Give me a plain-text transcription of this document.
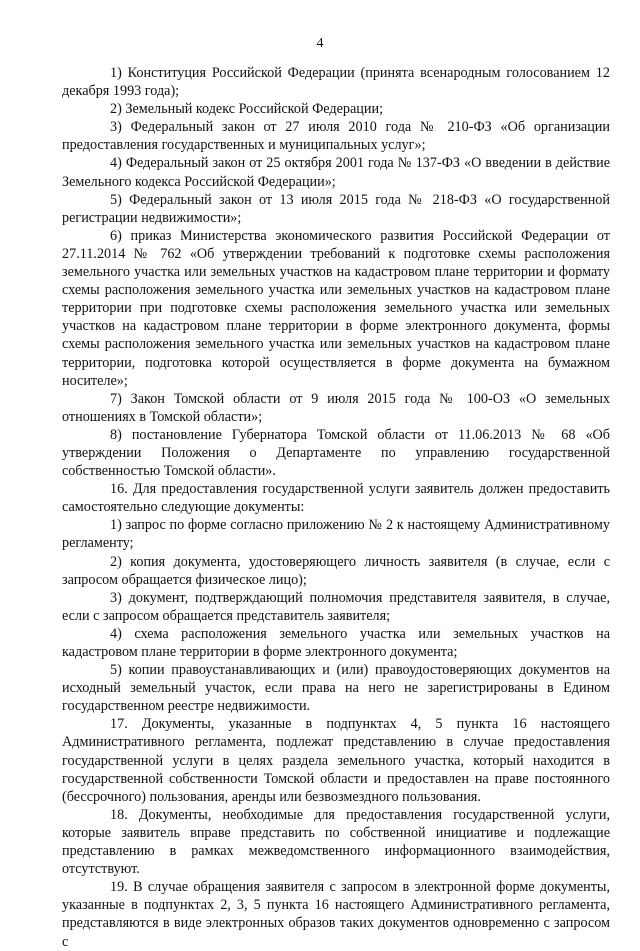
4

1) Конституция Российской Федерации (принята всенародным голосованием 12 декабря 1993 года);

2) Земельный кодекс Российской Федерации;

3) Федеральный закон от 27 июля 2010 года № 210-ФЗ «Об организации предоставления государственных и муниципальных услуг»;

4) Федеральный закон от 25 октября 2001 года № 137-ФЗ «О введении в действие Земельного кодекса Российской Федерации»;

5) Федеральный закон от 13 июля 2015 года № 218-ФЗ «О государственной регистрации недвижимости»;

6) приказ Министерства экономического развития Российской Федерации от 27.11.2014 № 762 «Об утверждении требований к подготовке схемы расположения земельного участка или земельных участков на кадастровом плане территории и формату схемы расположения земельного участка или земельных участков на кадастровом плане территории при подготовке схемы расположения земельного участка или земельных участков на кадастровом плане территории в форме электронного документа, формы схемы расположения земельного участка или земельных участков на кадастровом плане территории, подготовка которой осуществляется в форме документа на бумажном носителе»;

7) Закон Томской области от 9 июля 2015 года № 100-ОЗ «О земельных отношениях в Томской области»;

8) постановление Губернатора Томской области от 11.06.2013 № 68 «Об утверждении Положения о Департаменте по управлению государственной собственностью Томской области».

16. Для предоставления государственной услуги заявитель должен предоставить самостоятельно следующие документы:

1) запрос по форме согласно приложению № 2 к настоящему Административному регламенту;

2) копия документа, удостоверяющего личность заявителя (в случае, если с запросом обращается физическое лицо);

3) документ, подтверждающий полномочия представителя заявителя, в случае, если с запросом обращается представитель заявителя;

4) схема расположения земельного участка или земельных участков на кадастровом плане территории в форме электронного документа;

5) копии правоустанавливающих и (или) правоудостоверяющих документов на исходный земельный участок, если права на него не зарегистрированы в Едином государственном реестре недвижимости.

17. Документы, указанные в подпунктах 4, 5 пункта 16 настоящего Административного регламента, подлежат представлению в случае предоставления государственной услуги в целях раздела земельного участка, который находится в государственной собственности Томской области и предоставлен на праве постоянного (бессрочного) пользования, аренды или безвозмездного пользования.

18. Документы, необходимые для предоставления государственной услуги, которые заявитель вправе представить по собственной инициативе и подлежащие представлению в рамках межведомственного информационного взаимодействия, отсутствуют.

19. В случае обращения заявителя с запросом в электронной форме документы, указанные в подпунктах 2, 3, 5 пункта 16 настоящего Административного регламента, представляются в виде электронных образов таких документов одновременно с запросом с
